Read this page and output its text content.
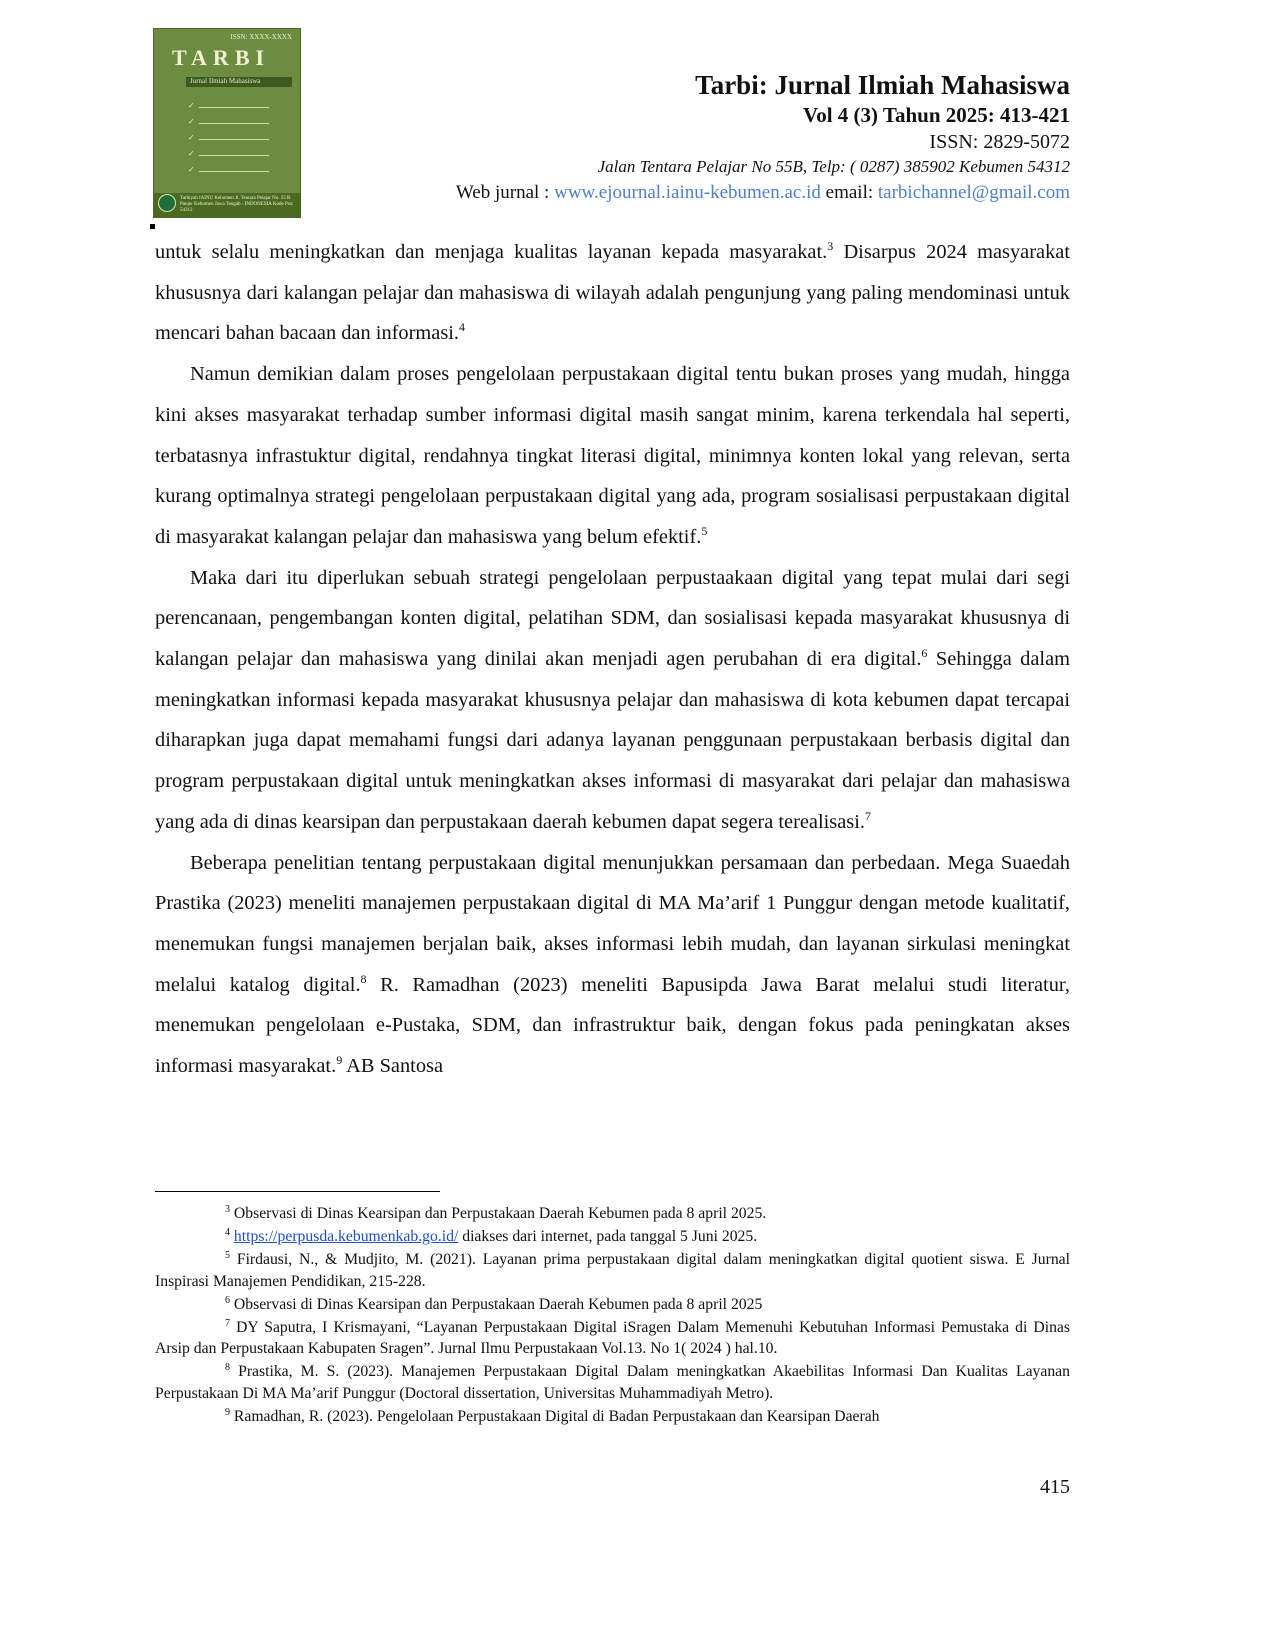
ISSN: XXXX-XXXX
TARBI
Jurnal Ilmiah Mahasiswa
✓
✓
✓
✓
✓
Tarbiyah IAINU Kebumen Jl. Tentara Pelajar No. 55 B Panjer Kebumen Jawa Tengah - INDONESIA Kode Pos: 54312
Tarbi: Jurnal Ilmiah Mahasiswa
Vol 4 (3) Tahun 2025: 413-421
ISSN: 2829-5072
Jalan Tentara Pelajar No 55B, Telp: ( 0287) 385902 Kebumen 54312
Web jurnal : www.ejournal.iainu-kebumen.ac.id email: tarbichannel@gmail.com

untuk selalu meningkatkan dan menjaga kualitas layanan kepada masyarakat.$^3$ Disarpus 2024 masyarakat khususnya dari kalangan pelajar dan mahasiswa di wilayah adalah pengunjung yang paling mendominasi untuk mencari bahan bacaan dan informasi.$^4$

Namun demikian dalam proses pengelolaan perpustakaan digital tentu bukan proses yang mudah, hingga kini akses masyarakat terhadap sumber informasi digital masih sangat minim, karena terkendala hal seperti, terbatasnya infrastuktur digital, rendahnya tingkat literasi digital, minimnya konten lokal yang relevan, serta kurang optimalnya strategi pengelolaan perpustakaan digital yang ada, program sosialisasi perpustakaan digital di masyarakat kalangan pelajar dan mahasiswa yang belum efektif.$^5$

Maka dari itu diperlukan sebuah strategi pengelolaan perpustaakaan digital yang tepat mulai dari segi perencanaan, pengembangan konten digital, pelatihan SDM, dan sosialisasi kepada masyarakat khususnya di kalangan pelajar dan mahasiswa yang dinilai akan menjadi agen perubahan di era digital.$^6$ Sehingga dalam meningkatkan informasi kepada masyarakat khususnya pelajar dan mahasiswa di kota kebumen dapat tercapai diharapkan juga dapat memahami fungsi dari adanya layanan penggunaan perpustakaan berbasis digital dan program perpustakaan digital untuk meningkatkan akses informasi di masyarakat dari pelajar dan mahasiswa yang ada di dinas kearsipan dan perpustakaan daerah kebumen dapat segera terealisasi.$^7$

Beberapa penelitian tentang perpustakaan digital menunjukkan persamaan dan perbedaan. Mega Suaedah Prastika (2023) meneliti manajemen perpustakaan digital di MA Ma’arif 1 Punggur dengan metode kualitatif, menemukan fungsi manajemen berjalan baik, akses informasi lebih mudah, dan layanan sirkulasi meningkat melalui katalog digital.$^8$ R. Ramadhan (2023) meneliti Bapusipda Jawa Barat melalui studi literatur, menemukan pengelolaan e-Pustaka, SDM, dan infrastruktur baik, dengan fokus pada peningkatan akses informasi masyarakat.$^9$ AB Santosa

$^3$ Observasi di Dinas Kearsipan dan Perpustakaan Daerah Kebumen pada 8 april 2025.

$^4$ https://perpusda.kebumenkab.go.id/ diakses dari internet, pada tanggal 5 Juni 2025.

$^5$ Firdausi, N., & Mudjito, M. (2021). Layanan prima perpustakaan digital dalam meningkatkan digital quotient siswa. E Jurnal Inspirasi Manajemen Pendidikan, 215-228.

$^6$ Observasi di Dinas Kearsipan dan Perpustakaan Daerah Kebumen pada 8 april 2025

$^7$ DY Saputra, I Krismayani, “Layanan Perpustakaan Digital iSragen Dalam Memenuhi Kebutuhan Informasi Pemustaka di Dinas Arsip dan Perpustakaan Kabupaten Sragen”. Jurnal Ilmu Perpustakaan Vol.13. No 1( 2024 ) hal.10.

$^8$ Prastika, M. S. (2023). Manajemen Perpustakaan Digital Dalam meningkatkan Akaebilitas Informasi Dan Kualitas Layanan Perpustakaan Di MA Ma’arif Punggur (Doctoral dissertation, Universitas Muhammadiyah Metro).

$^9$ Ramadhan, R. (2023). Pengelolaan Perpustakaan Digital di Badan Perpustakaan dan Kearsipan Daerah

415
